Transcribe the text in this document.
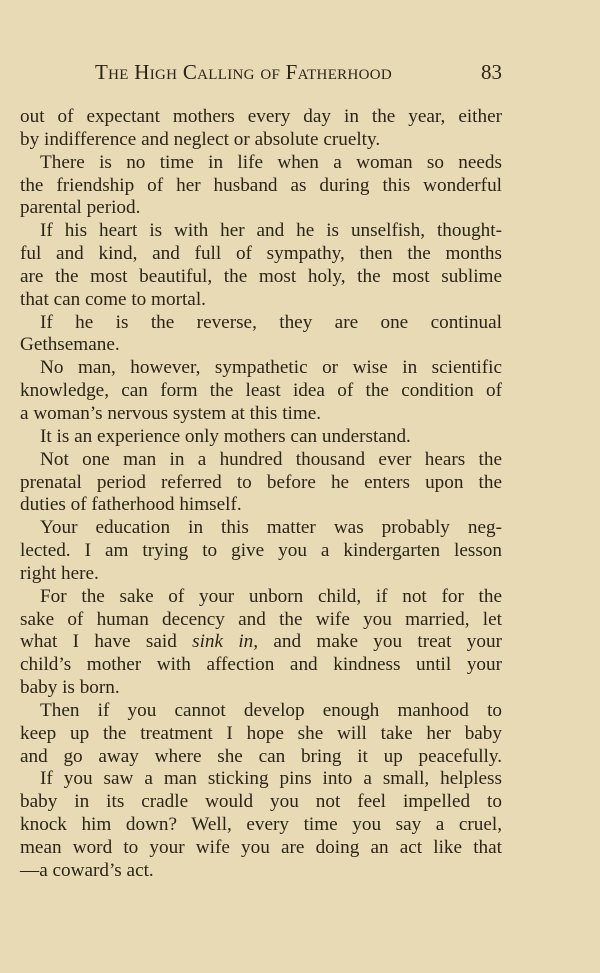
The High Calling of Fatherhood	83
out of expectant mothers every day in the year, either
by indifference and neglect or absolute cruelty.
There is no time in life when a woman so needs
the friendship of her husband as during this wonderful
parental period.
If his heart is with her and he is unselfish, thought-
ful and kind, and full of sympathy, then the months
are the most beautiful, the most holy, the most sublime
that can come to mortal.
If he is the reverse, they are one continual
Gethsemane.
No man, however, sympathetic or wise in scientific
knowledge, can form the least idea of the condition of
a woman’s nervous system at this time.
It is an experience only mothers can understand.
Not one man in a hundred thousand ever hears the
prenatal period referred to before he enters upon the
duties of fatherhood himself.
Your education in this matter was probably neg-
lected. I am trying to give you a kindergarten lesson
right here.
For the sake of your unborn child, if not for the
sake of human decency and the wife you married, let
what I have said sink in, and make you treat your
child’s mother with affection and kindness until your
baby is born.
Then if you cannot develop enough manhood to
keep up the treatment I hope she will take her baby
and go away where she can bring it up peacefully.
If you saw a man sticking pins into a small, helpless
baby in its cradle would you not feel impelled to
knock him down? Well, every time you say a cruel,
mean word to your wife you are doing an act like that
—a coward’s act.
